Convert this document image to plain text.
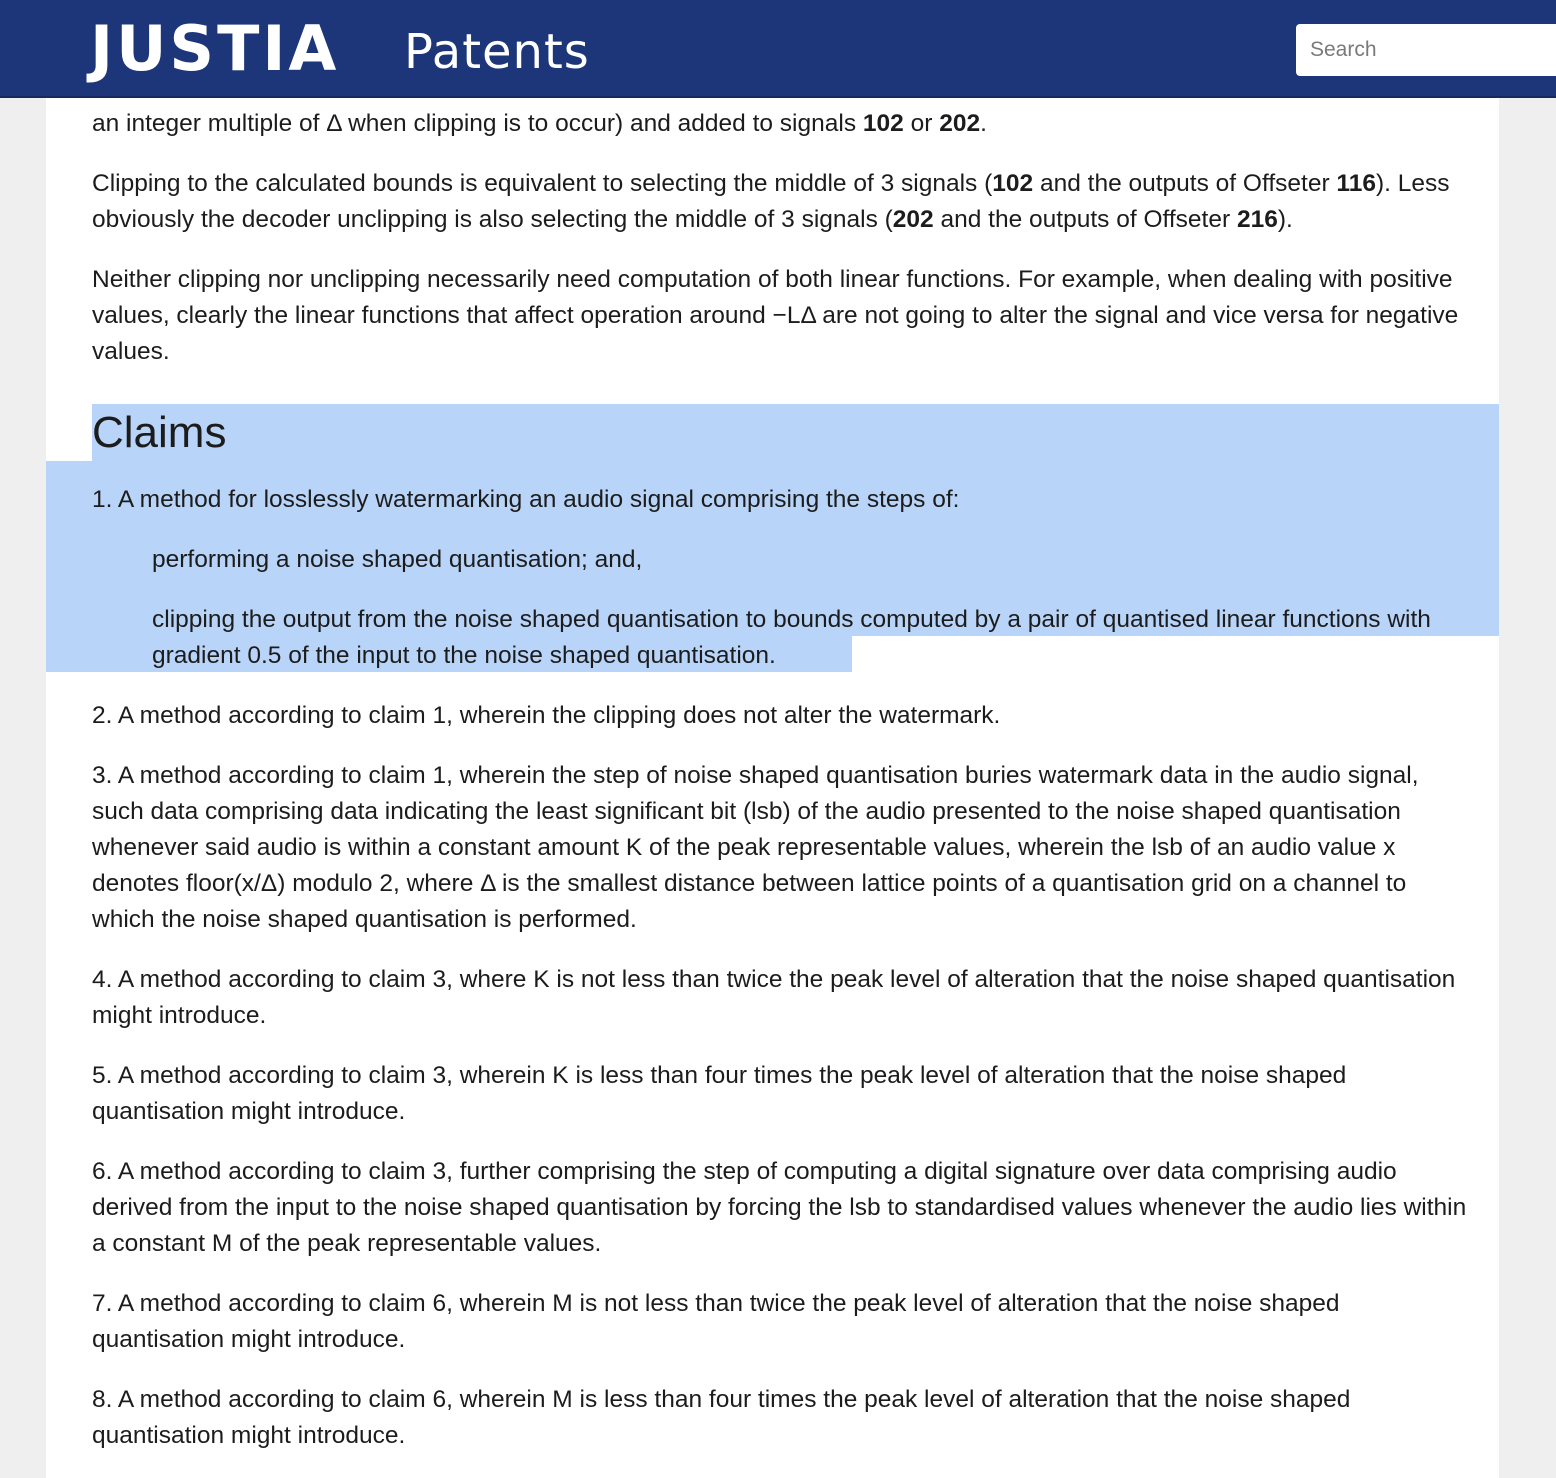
an integer multiple of Δ when clipping is to occur) and added to signals 102 or 202.

Clipping to the calculated bounds is equivalent to selecting the middle of 3 signals (102 and the outputs of Offseter 116). Less obviously the decoder unclipping is also selecting the middle of 3 signals (202 and the outputs of Offseter 216).

Neither clipping nor unclipping necessarily need computation of both linear functions. For example, when dealing with positive values, clearly the linear functions that affect operation around −LΔ are not going to alter the signal and vice versa for negative values.

Claims

1. A method for losslessly watermarking an audio signal comprising the steps of:

performing a noise shaped quantisation; and,

clipping the output from the noise shaped quantisation to bounds computed by a pair of quantised linear functions with gradient 0.5 of the input to the noise shaped quantisation.

2. A method according to claim 1, wherein the clipping does not alter the watermark.

3. A method according to claim 1, wherein the step of noise shaped quantisation buries watermark data in the audio signal, such data comprising data indicating the least significant bit (lsb) of the audio presented to the noise shaped quantisation whenever said audio is within a constant amount K of the peak representable values, wherein the lsb of an audio value x denotes floor(x/Δ) modulo 2, where Δ is the smallest distance between lattice points of a quantisation grid on a channel to which the noise shaped quantisation is performed.

4. A method according to claim 3, where K is not less than twice the peak level of alteration that the noise shaped quantisation might introduce.

5. A method according to claim 3, wherein K is less than four times the peak level of alteration that the noise shaped quantisation might introduce.

6. A method according to claim 3, further comprising the step of computing a digital signature over data comprising audio derived from the input to the noise shaped quantisation by forcing the lsb to standardised values whenever the audio lies within a constant M of the peak representable values.

7. A method according to claim 6, wherein M is not less than twice the peak level of alteration that the noise shaped quantisation might introduce.

8. A method according to claim 6, wherein M is less than four times the peak level of alteration that the noise shaped quantisation might introduce.

JUSTIA Patents
Search
